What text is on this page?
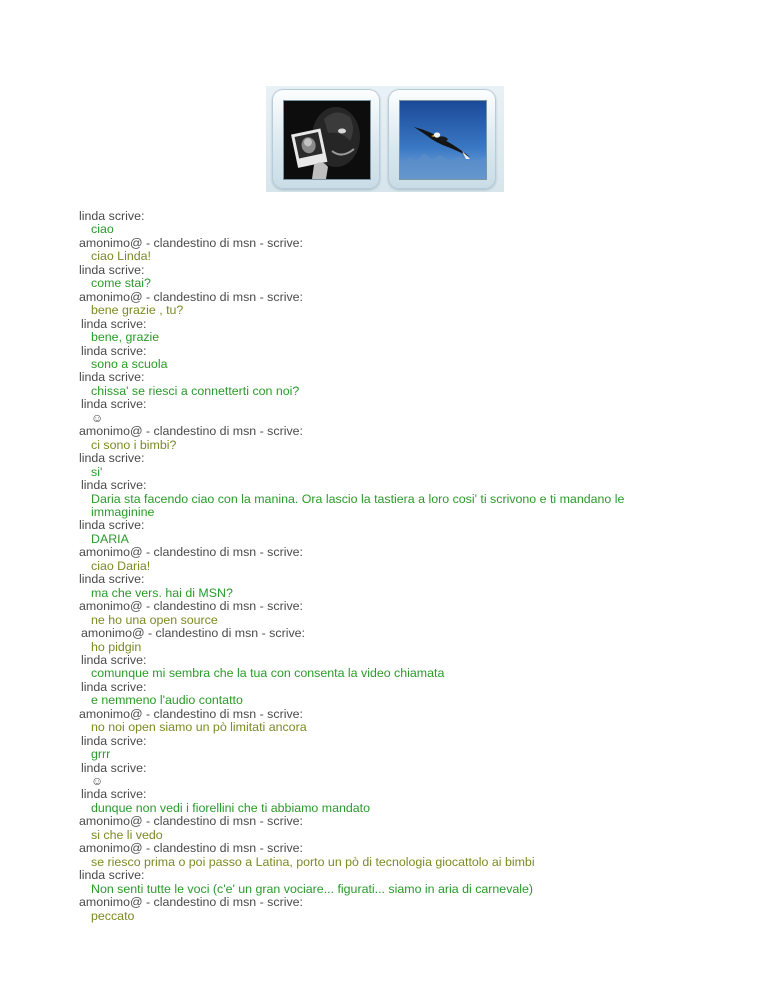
linda scrive:
ciao
amonimo@ - clandestino di msn - scrive:
ciao Linda!
linda scrive:
come stai?
amonimo@ - clandestino di msn - scrive:
bene grazie , tu?
linda scrive:
bene, grazie
linda scrive:
sono a scuola
linda scrive:
chissa' se riesci a connetterti con noi?
linda scrive:
☺
amonimo@ - clandestino di msn - scrive:
ci sono i bimbi?
linda scrive:
si'
linda scrive:
Daria sta facendo ciao con la manina. Ora lascio la tastiera a loro cosi' ti scrivono e ti mandano le
immaginine
linda scrive:
DARIA
amonimo@ - clandestino di msn - scrive:
ciao Daria!
linda scrive:
ma che vers. hai di MSN?
amonimo@ - clandestino di msn - scrive:
ne ho una open source
amonimo@ - clandestino di msn - scrive:
ho pidgin
linda scrive:
comunque mi sembra che la tua con consenta la video chiamata
linda scrive:
e nemmeno l'audio contatto
amonimo@ - clandestino di msn - scrive:
no noi open siamo un pò limitati ancora
linda scrive:
grrr
linda scrive:
☺
linda scrive:
dunque non vedi i fiorellini che ti abbiamo mandato
amonimo@ - clandestino di msn - scrive:
si che li vedo
amonimo@ - clandestino di msn - scrive:
se riesco prima o poi passo a Latina, porto un pò di tecnologia giocattolo ai bimbi
linda scrive:
Non senti tutte le voci (c'e' un gran vociare... figurati... siamo in aria di carnevale)
amonimo@ - clandestino di msn - scrive:
peccato
